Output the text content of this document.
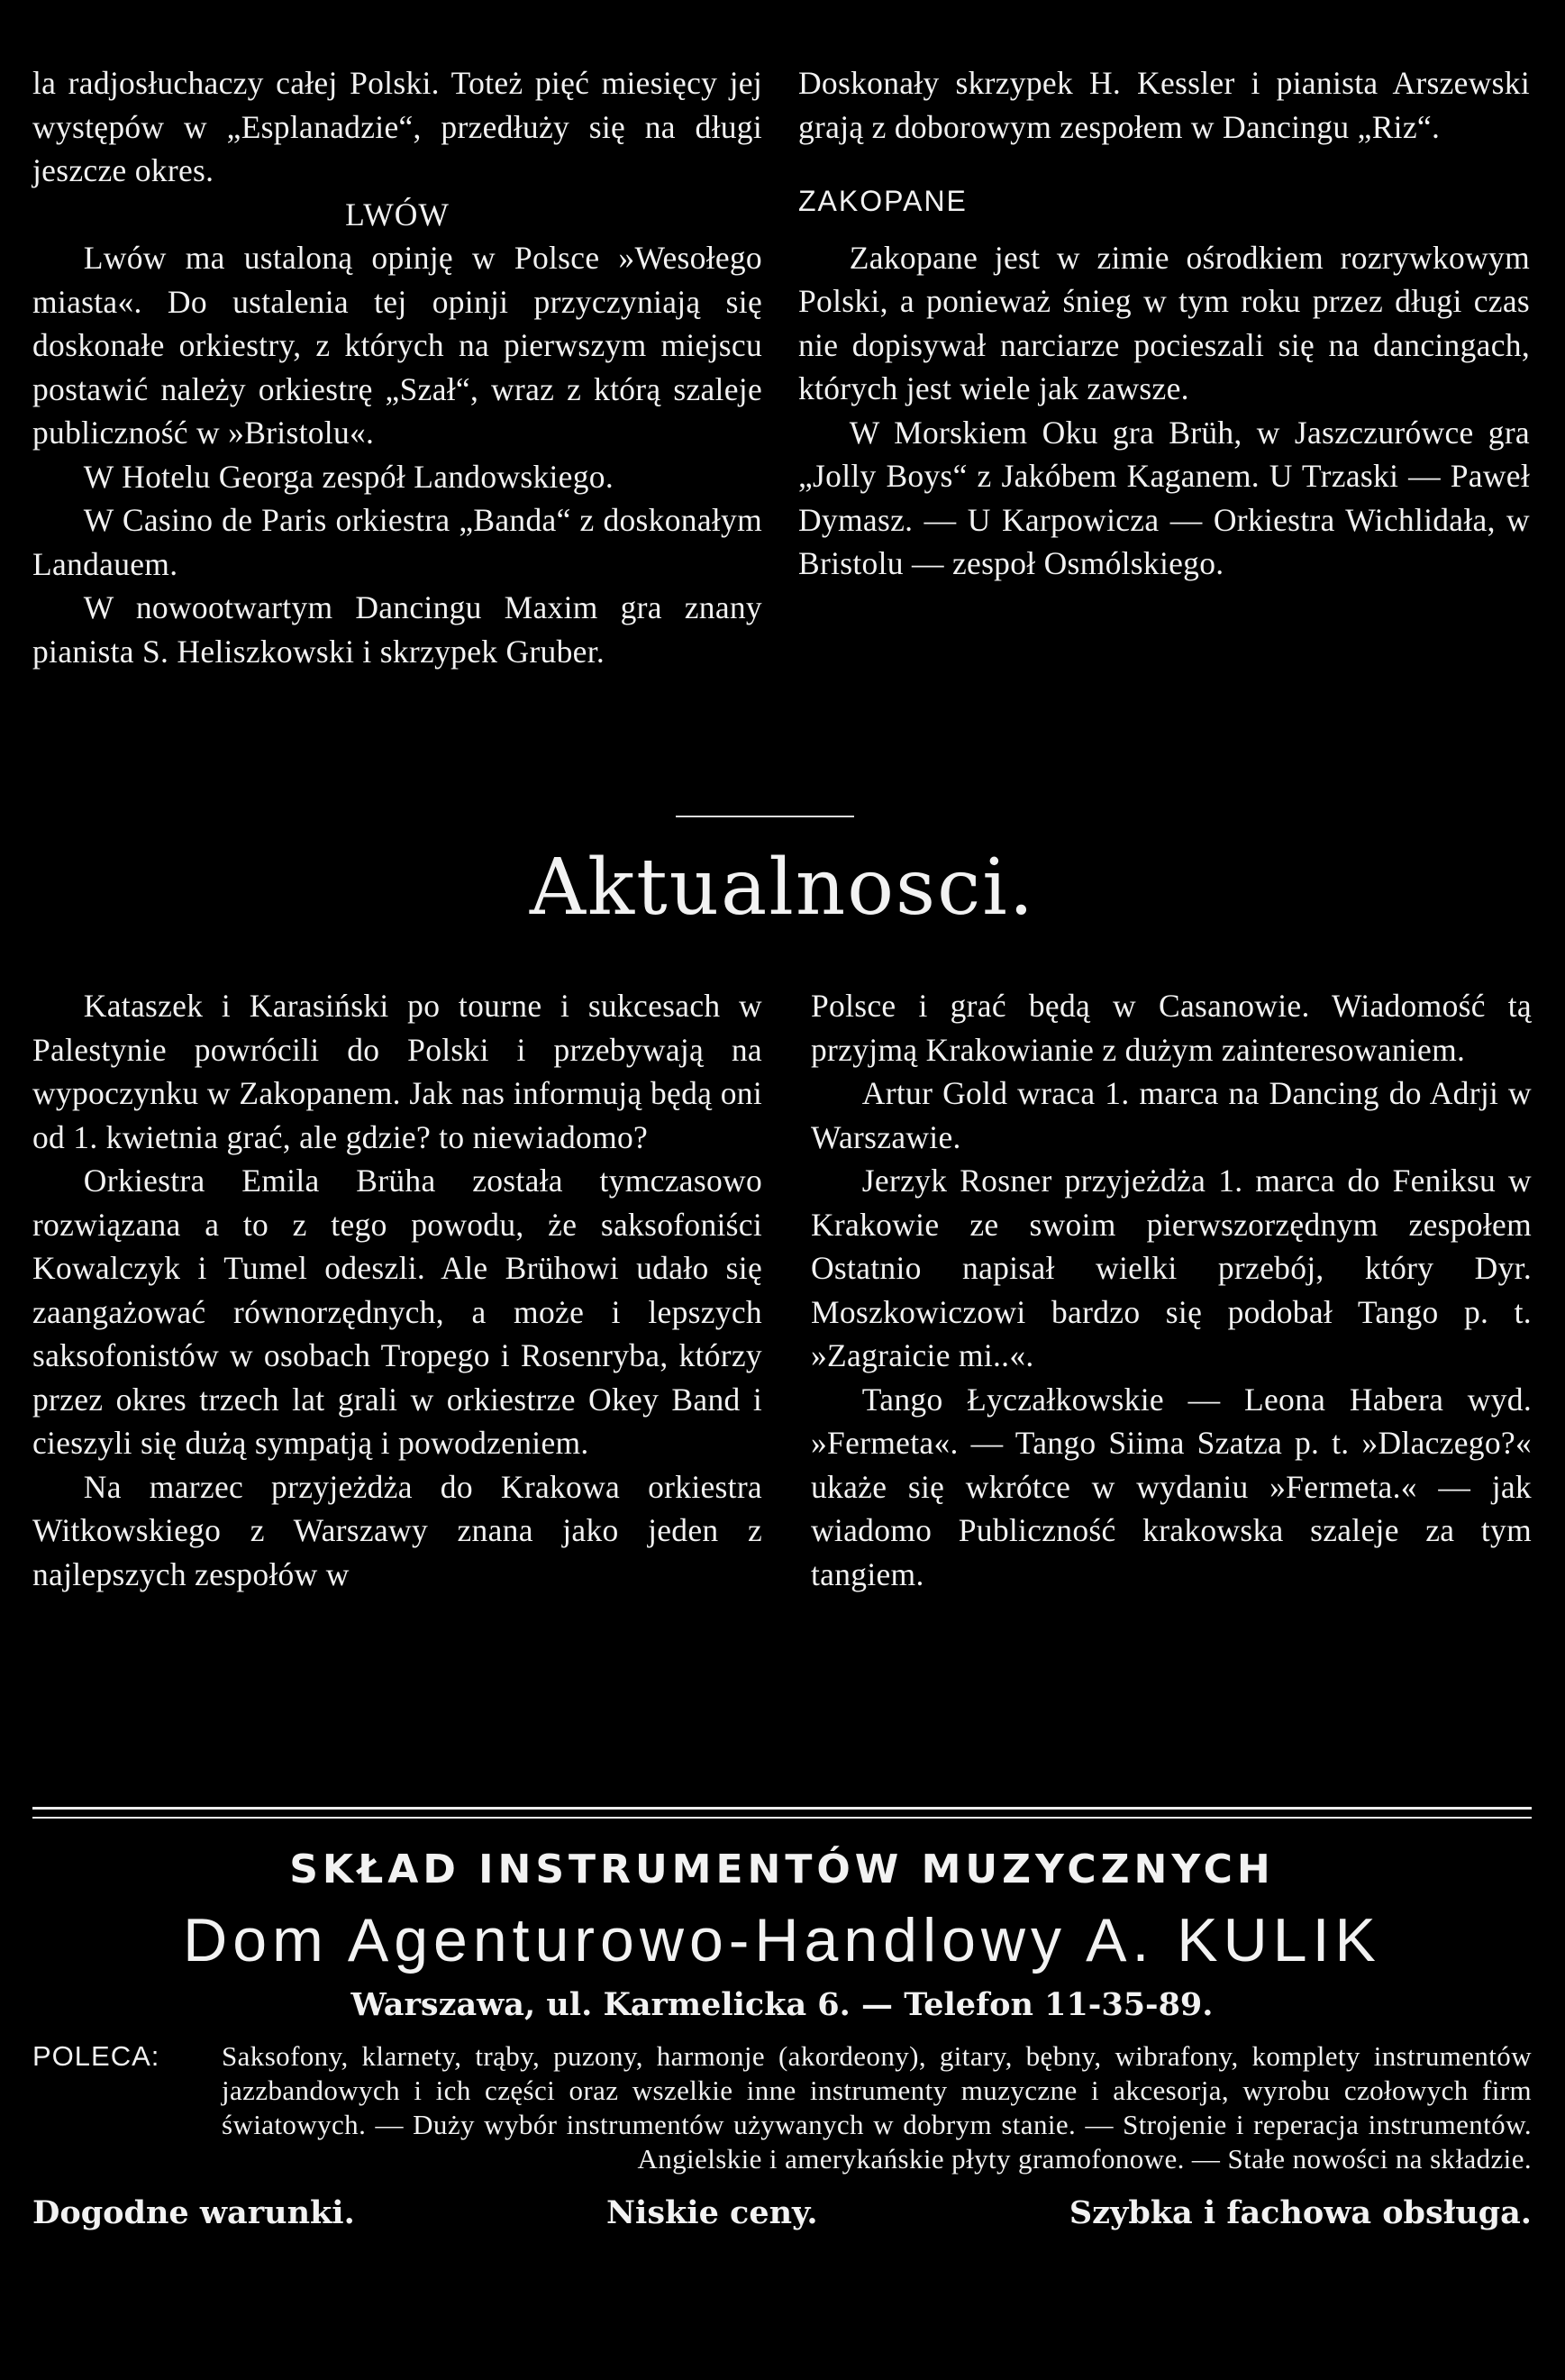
la radjosłuchaczy całej Polski. Toteż pięć miesięcy jej występów w „Esplanadzie“, przedłuży się na długi jeszcze okres.

LWÓW

Lwów ma ustaloną opinję w Polsce »Wesołego miasta«. Do ustalenia tej opinji przyczyniają się doskonałe orkiestry, z których na pierwszym miejscu postawić należy orkiestrę „Szał“, wraz z którą szaleje publiczność w »Bristolu«.

W Hotelu Georga zespół Landowskiego.

W Casino de Paris orkiestra „Banda“ z doskonałym Landauem.

W nowootwartym Dancingu Maxim gra znany pianista S. Heliszkowski i skrzypek Gruber.

Doskonały skrzypek H. Kessler i pianista Arszewski grają z doborowym zespołem w Dancingu „Riz“.

ZAKOPANE

Zakopane jest w zimie ośrodkiem rozrywkowym Polski, a ponieważ śnieg w tym roku przez długi czas nie dopisywał narciarze pocieszali się na dancingach, których jest wiele jak zawsze.

W Morskiem Oku gra Brüh, w Jaszczurówce gra „Jolly Boys“ z Jakóbem Kaganem. U Trzaski — Paweł Dymasz. — U Karpowicza — Orkiestra Wichlidała, w Bristolu — zespoł Osmólskiego.

Aktualnosci.

Kataszek i Karasiński po tourne i sukcesach w Palestynie powrócili do Polski i przebywają na wypoczynku w Zakopanem. Jak nas informują będą oni od 1. kwietnia grać, ale gdzie? to niewiadomo?

Orkiestra Emila Brüha została tymczasowo rozwiązana a to z tego powodu, że saksofoniści Kowalczyk i Tumel odeszli. Ale Brühowi udało się zaangażować równorzędnych, a może i lepszych saksofonistów w osobach Tropego i Rosenryba, którzy przez okres trzech lat grali w orkiestrze Okey Band i cieszyli się dużą sympatją i powodzeniem.

Na marzec przyjeżdża do Krakowa orkiestra Witkowskiego z Warszawy znana jako jeden z najlepszych zespołów w

Polsce i grać będą w Casanowie. Wiadomość tą przyjmą Krakowianie z dużym zainteresowaniem.

Artur Gold wraca 1. marca na Dancing do Adrji w Warszawie.

Jerzyk Rosner przyjeżdża 1. marca do Feniksu w Krakowie ze swoim pierwszorzędnym zespołem Ostatnio napisał wielki przebój, który Dyr. Moszkowiczowi bardzo się podobał Tango p. t. »Zagraicie mi..«.

Tango Łyczałkowskie — Leona Habera wyd. »Fermeta«. — Tango Siima Szatza p. t. »Dlaczego?« ukaże się wkrótce w wydaniu »Fermeta.« — jak wiadomo Publiczność krakowska szaleje za tym tangiem.

SKŁAD INSTRUMENTÓW MUZYCZNYCH
Dom Agenturowo-Handlowy A. KULIK
Warszawa, ul. Karmelicka 6. — Telefon 11-35-89.
POLECA:	Saksofony, klarnety, trąby, puzony, harmonje (akordeony), gitary, bębny, wibrafony, komplety instrumentów jazzbandowych i ich części oraz wszelkie inne instrumenty muzyczne i akcesorja, wyrobu czołowych firm światowych. — Duży wybór instrumentów używanych w dobrym stanie. — Strojenie i reperacja instrumentów. Angielskie i amerykańskie płyty gramofonowe. — Stałe nowości na składzie.
Dogodne warunki.	Niskie ceny.	Szybka i fachowa obsługa.
